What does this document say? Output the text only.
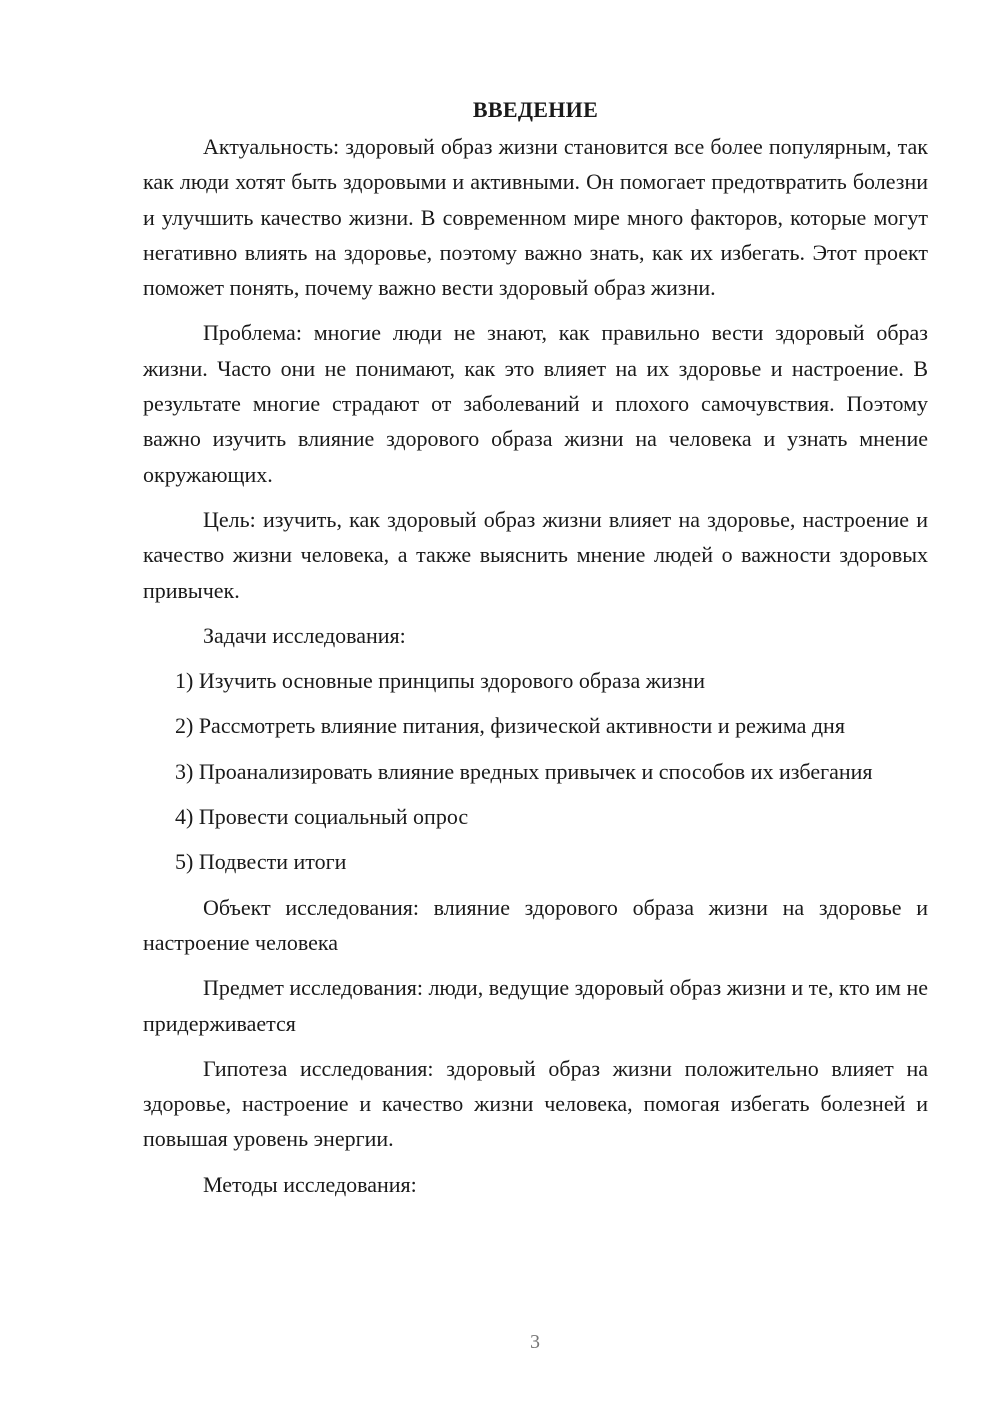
ВВЕДЕНИЕ

Актуальность: здоровый образ жизни становится все более популярным, так как люди хотят быть здоровыми и активными. Он помогает предотвратить болезни и улучшить качество жизни. В современном мире много факторов, которые могут негативно влиять на здоровье, поэтому важно знать, как их избегать. Этот проект поможет понять, почему важно вести здоровый образ жизни.

Проблема: многие люди не знают, как правильно вести здоровый образ жизни. Часто они не понимают, как это влияет на их здоровье и настроение. В результате многие страдают от заболеваний и плохого самочувствия. Поэтому важно изучить влияние здорового образа жизни на человека и узнать мнение окружающих.

Цель: изучить, как здоровый образ жизни влияет на здоровье, настроение и качество жизни человека, а также выяснить мнение людей о важности здоровых привычек.

Задачи исследования:

1) Изучить основные принципы здорового образа жизни

2) Рассмотреть влияние питания, физической активности и режима дня

3) Проанализировать влияние вредных привычек и способов их избегания

4) Провести социальный опрос

5) Подвести итоги

Объект исследования: влияние здорового образа жизни на здоровье и настроение человека

Предмет исследования: люди, ведущие здоровый образ жизни и те, кто им не придерживается

Гипотеза исследования: здоровый образ жизни положительно влияет на здоровье, настроение и качество жизни человека, помогая избегать болезней и повышая уровень энергии.

Методы исследования:

3
